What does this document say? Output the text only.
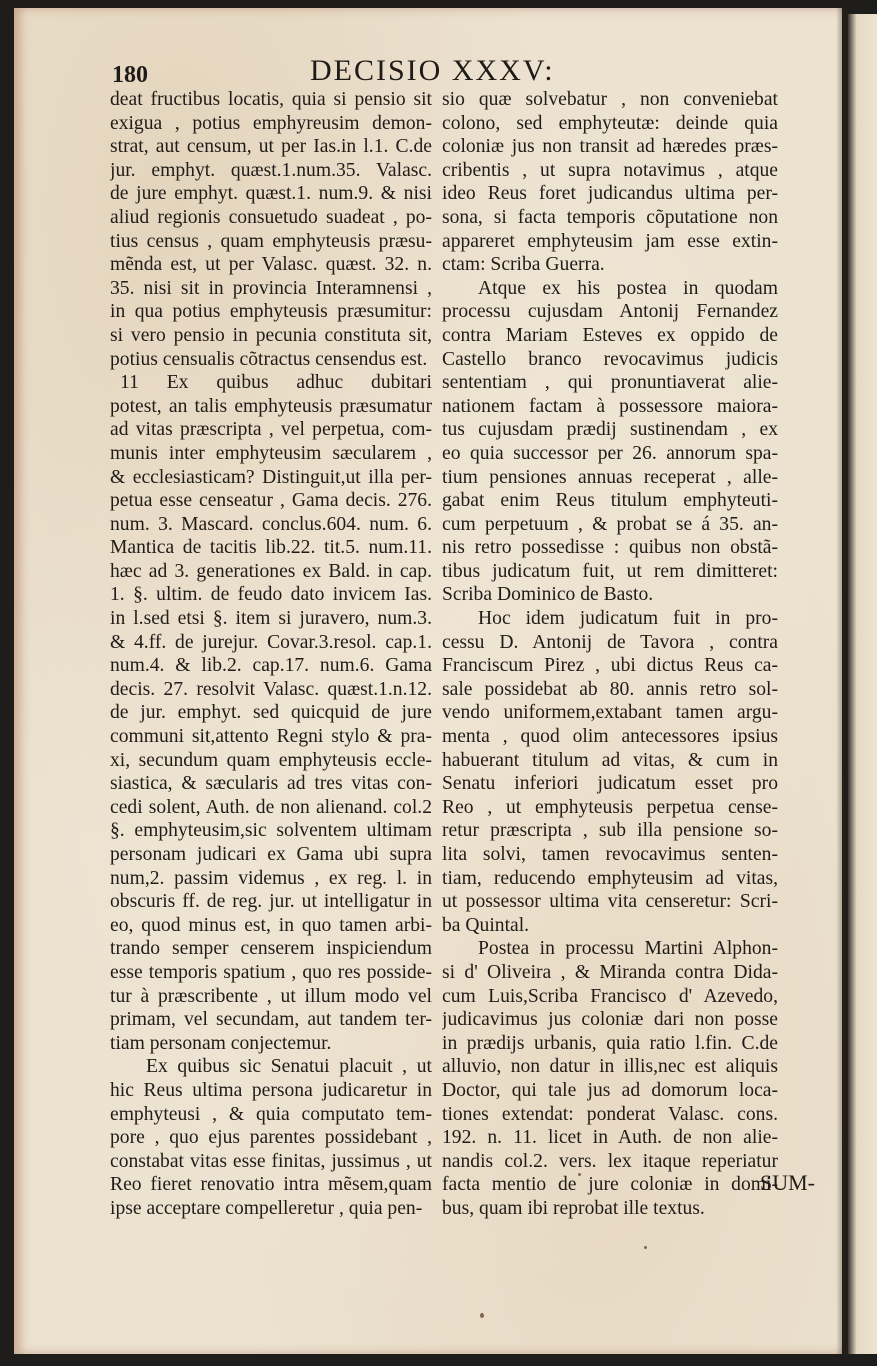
180	DECISIO XXXV:
deat fructibus locatis, quia si pensio sit
exigua , potius emphyreusim demon-
strat, aut censum, ut per Ias.in l.1. C.de
jur. emphyt. quæst.1.num.35. Valasc.
de jure emphyt. quæst.1. num.9. & nisi
aliud regionis consuetudo suadeat , po-
tius census , quam emphyteusis præsu-
mẽnda est, ut per Valasc. quæst. 32. n.
35. nisi sit in provincia Interamnensi ,
in qua potius emphyteusis præsumitur:
si vero pensio in pecunia constituta sit,
potius censualis cõtractus censendus est.
11 Ex quibus adhuc dubitari
potest, an talis emphyteusis præsumatur
ad vitas præscripta , vel perpetua, com-
munis inter emphyteusim sæcularem ,
& ecclesiasticam? Distinguit,ut illa per-
petua esse censeatur , Gama decis. 276.
num. 3. Mascard. conclus.604. num. 6.
Mantica de tacitis lib.22. tit.5. num.11.
hæc ad 3. generationes ex Bald. in cap.
1. §. ultim. de feudo dato invicem Ias.
in l.sed etsi §. item si juravero, num.3.
& 4.ff. de jurejur. Covar.3.resol. cap.1.
num.4. & lib.2. cap.17. num.6. Gama
decis. 27. resolvit Valasc. quæst.1.n.12.
de jur. emphyt. sed quicquid de jure
communi sit,attento Regni stylo & pra-
xi, secundum quam emphyteusis eccle-
siastica, & sæcularis ad tres vitas con-
cedi solent, Auth. de non alienand. col.2
§. emphyteusim,sic solventem ultimam
personam judicari ex Gama ubi supra
num,2. passim videmus , ex reg. l. in
obscuris ff. de reg. jur. ut intelligatur in
eo, quod minus est, in quo tamen arbi-
trando semper censerem inspiciendum
esse temporis spatium , quo res posside-
tur à præscribente , ut illum modo vel
primam, vel secundam, aut tandem ter-
tiam personam conjectemur.
Ex quibus sic Senatui placuit , ut
hic Reus ultima persona judicaretur in
emphyteusi , & quia computato tem-
pore , quo ejus parentes possidebant ,
constabat vitas esse finitas, jussimus , ut
Reo fieret renovatio intra mẽsem,quam
ipse acceptare compelleretur , quia pen-
sio quæ solvebatur , non conveniebat
colono, sed emphyteutæ: deinde quia
coloniæ jus non transit ad hæredes præs-
cribentis , ut supra notavimus , atque
ideo Reus foret judicandus ultima per-
sona, si facta temporis cõputatione non
appareret emphyteusim jam esse extin-
ctam: Scriba Guerra.
Atque ex his postea in quodam
processu cujusdam Antonij Fernandez
contra Mariam Esteves ex oppido de
Castello branco revocavimus judicis
sententiam , qui pronuntiaverat alie-
nationem factam à possessore maiora-
tus cujusdam prædij sustinendam , ex
eo quia successor per 26. annorum spa-
tium pensiones annuas receperat , alle-
gabat enim Reus titulum emphyteuti-
cum perpetuum , & probat se á 35. an-
nis retro possedisse : quibus non obstã-
tibus judicatum fuit, ut rem dimitteret:
Scriba Dominico de Basto.
Hoc idem judicatum fuit in pro-
cessu D. Antonij de Tavora , contra
Franciscum Pirez , ubi dictus Reus ca-
sale possidebat ab 80. annis retro sol-
vendo uniformem,extabant tamen argu-
menta , quod olim antecessores ipsius
habuerant titulum ad vitas, & cum in
Senatu inferiori judicatum esset pro
Reo , ut emphyteusis perpetua cense-
retur præscripta , sub illa pensione so-
lita solvi, tamen revocavimus senten-
tiam, reducendo emphyteusim ad vitas,
ut possessor ultima vita censeretur: Scri-
ba Quintal.
Postea in processu Martini Alphon-
si d' Oliveira , & Miranda contra Dida-
cum Luis,Scriba Francisco d' Azevedo,
judicavimus jus coloniæ dari non posse
in prædijs urbanis, quia ratio l.fin. C.de
alluvio, non datur in illis,nec est aliquis
Doctor, qui tale jus ad domorum loca-
tiones extendat: ponderat Valasc. cons.
192. n. 11. licet in Auth. de non alie-
nandis col.2. vers. lex itaque reperiatur
facta mentio de jure coloniæ in domi-
bus, quam ibi reprobat ille textus.
SUM-
